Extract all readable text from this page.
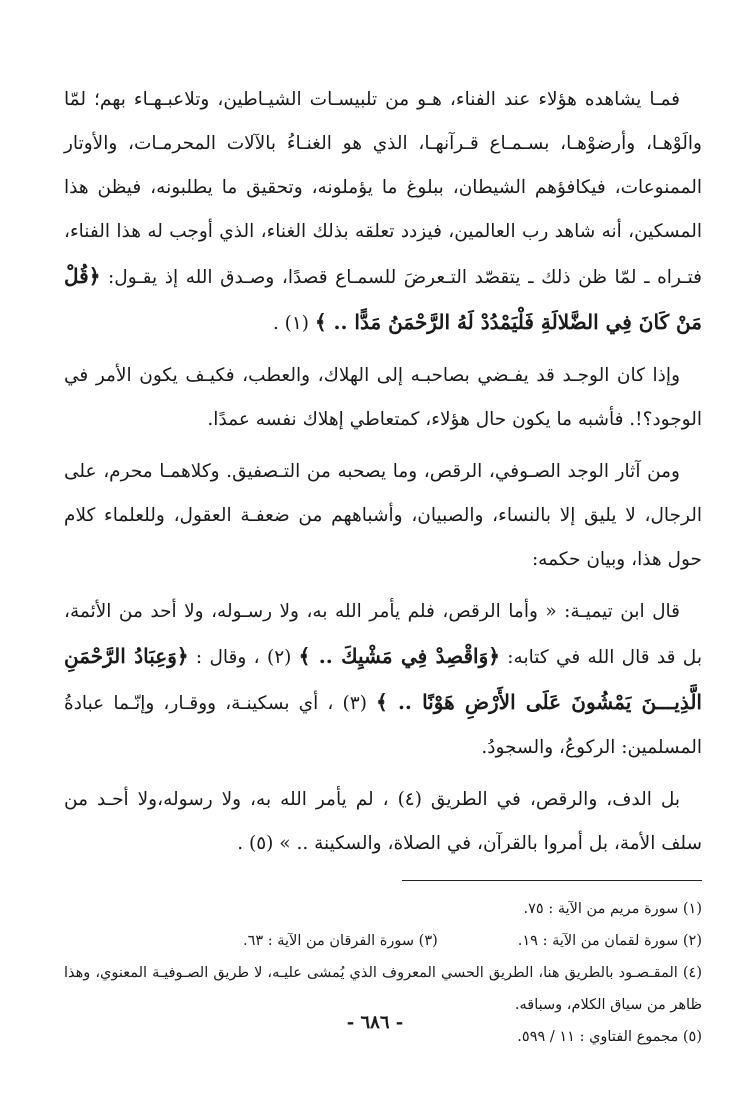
فمـا يشاهده هؤلاء عند الفناء، هـو من تلبيسـات الشيـاطين، وتلاعبـهـاء بهم؛ لمّا والَوْهـا، وأرضوْهـا، بسـمـاع قـرآنهـا، الذي هو الغنـاءُ بالآلات المحرمـات، والأوتار الممنوعات، فيكافؤهم الشيطان، ببلوغ ما يؤملونه، وتحقيق ما يطلبونه، فيظن هذا المسكين، أنه شاهد رب العالمين، فيزدد تعلقه بذلك الغناء، الذي أوجب له هذا الفناء، فتـراه ـ لمّا ظن ذلك ـ يتقصّد التـعرضَ للسمـاع قصدًا، وصـدق الله إذ يقـول: ﴿قُلْ مَنْ كَانَ فِي الضَّلالَةِ فَلْيَمْدُدْ لَهُ الرَّحْمَنُ مَدًّا .. ﴾ (١) .

وإذا كان الوجـد قد يفـضي بصاحبـه إلى الهلاك، والعطب، فكيـف يكون الأمر في الوجود؟!. فأشبه ما يكون حال هؤلاء، كمتعاطي إهلاك نفسه عمدًا.

ومن آثار الوجد الصـوفي، الرقص، وما يصحبه من التـصفيق. وكلاهمـا محرم، على الرجال، لا يليق إلا بالنساء، والصبيان، وأشباههم من ضعفـة العقول، وللعلماء كلام حول هذا، وبيان حكمه:

قال ابن تيميـة: « وأما الرقص، فلم يأمر الله به، ولا رسـوله، ولا أحد من الأئمة، بل قد قال الله في كتابه: ﴿وَاقْصِدْ فِي مَشْيِكَ .. ﴾ (٢) ، وقال : ﴿وَعِبَادُ الرَّحْمَنِ الَّذِيـــنَ يَمْشُونَ عَلَى الأَرْضِ هَوْنًا .. ﴾ (٣) ، أي بسكينـة، ووقـار، وإنّـما عبادةُ المسلمين: الركوعُ، والسجودُ.

بل الدف، والرقص، في الطريق (٤) ، لم يأمر الله به، ولا رسوله،ولا أحـد من سلف الأمة، بل أمروا بالقرآن، في الصلاة، والسكينة .. » (٥) .

(١) سورة مريم من الآية : ٧٥.
(٢) سورة لقمان من الآية : ١٩.
(٣) سورة الفرقان من الآية : ٦٣.
(٤) المقـصـود بالطريق هنا، الطريق الحسي المعروف الذي يُمشى عليـه، لا طريق الصـوفيـة المعنوي، وهذا ظاهر من سياق الكلام، وسباقه.
(٥) مجموع الفتاوي : ١١ / ٥٩٩.
- ٦٨٦ -
